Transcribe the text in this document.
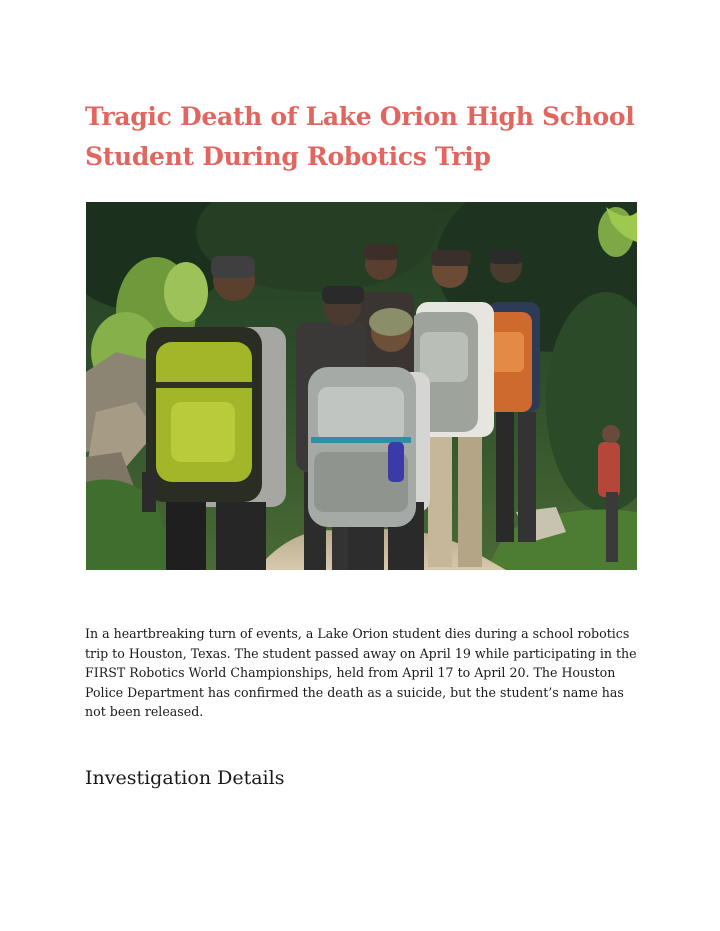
Tragic Death of Lake Orion High School Student During Robotics Trip

In a heartbreaking turn of events, a Lake Orion student dies during a school robotics trip to Houston, Texas. The student passed away on April 19 while participating in the FIRST Robotics World Championships, held from April 17 to April 20. The Houston Police Department has confirmed the death as a suicide, but the student’s name has not been released.

Investigation Details
